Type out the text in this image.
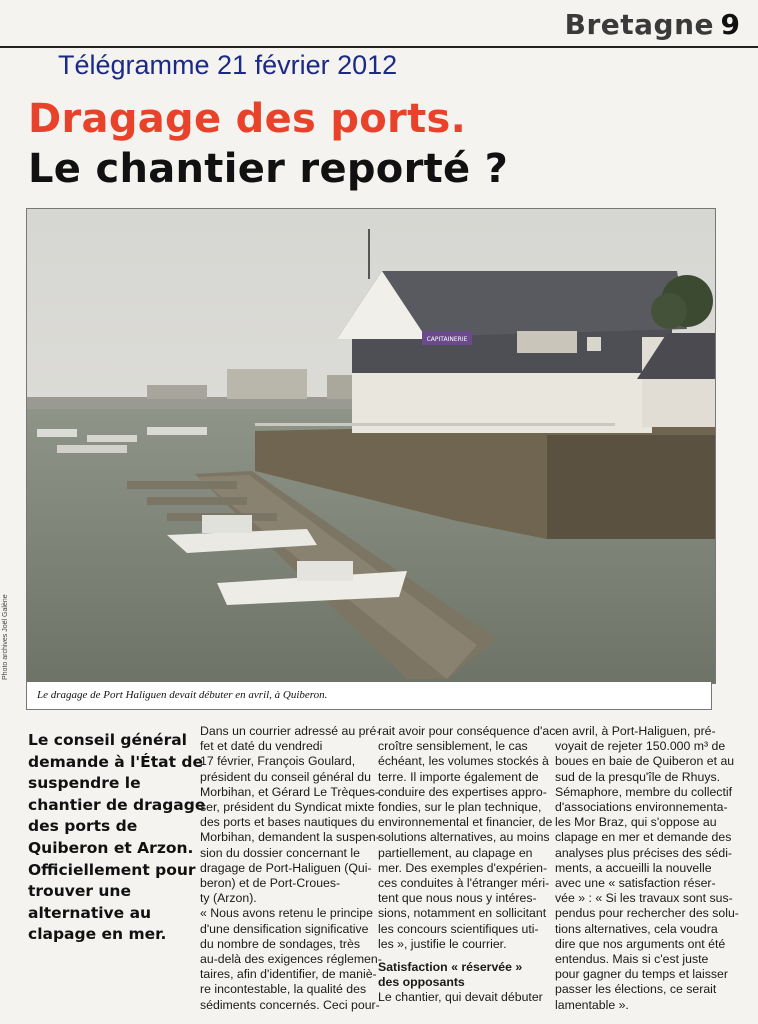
Bretagne 9
Télégramme 21 février 2012
Dragage des ports.
Le chantier reporté ?
CAPITAINERIE
Le dragage de Port Haliguen devait débuter en avril, à Quiberon.
Photo archives Joël Galène
Le conseil général
demande à l'État de
suspendre le
chantier de dragage
des ports de
Quiberon et Arzon.
Officiellement pour
trouver une
alternative au
clapage en mer.
Dans un courrier adressé au pré-
fet et daté du vendredi
17 février, François Goulard,
président du conseil général du
Morbihan, et Gérard Le Trèques-
ser, président du Syndicat mixte
des ports et bases nautiques du
Morbihan, demandent la suspen-
sion du dossier concernant le
dragage de Port-Haliguen (Qui-
beron) et de Port-Croues-
ty (Arzon).
« Nous avons retenu le principe
d'une densification significative
du nombre de sondages, très
au-delà des exigences réglemen-
taires, afin d'identifier, de maniè-
re incontestable, la qualité des
sédiments concernés. Ceci pour-
rait avoir pour conséquence d'ac-
croître sensiblement, le cas
échéant, les volumes stockés à
terre. Il importe également de
conduire des expertises appro-
fondies, sur le plan technique,
environnemental et financier, de
solutions alternatives, au moins
partiellement, au clapage en
mer. Des exemples d'expérien-
ces conduites à l'étranger méri-
tent que nous nous y intéres-
sions, notamment en sollicitant
les concours scientifiques uti-
les », justifie le courrier.
Satisfaction « réservée »
des opposants
Le chantier, qui devait débuter
en avril, à Port-Haliguen, pré-
voyait de rejeter 150.000 m³ de
boues en baie de Quiberon et au
sud de la presqu'île de Rhuys.
Sémaphore, membre du collectif
d'associations environnementa-
les Mor Braz, qui s'oppose au
clapage en mer et demande des
analyses plus précises des sédi-
ments, a accueilli la nouvelle
avec une « satisfaction réser-
vée » : « Si les travaux sont sus-
pendus pour rechercher des solu-
tions alternatives, cela voudra
dire que nos arguments ont été
entendus. Mais si c'est juste
pour gagner du temps et laisser
passer les élections, ce serait
lamentable ».
